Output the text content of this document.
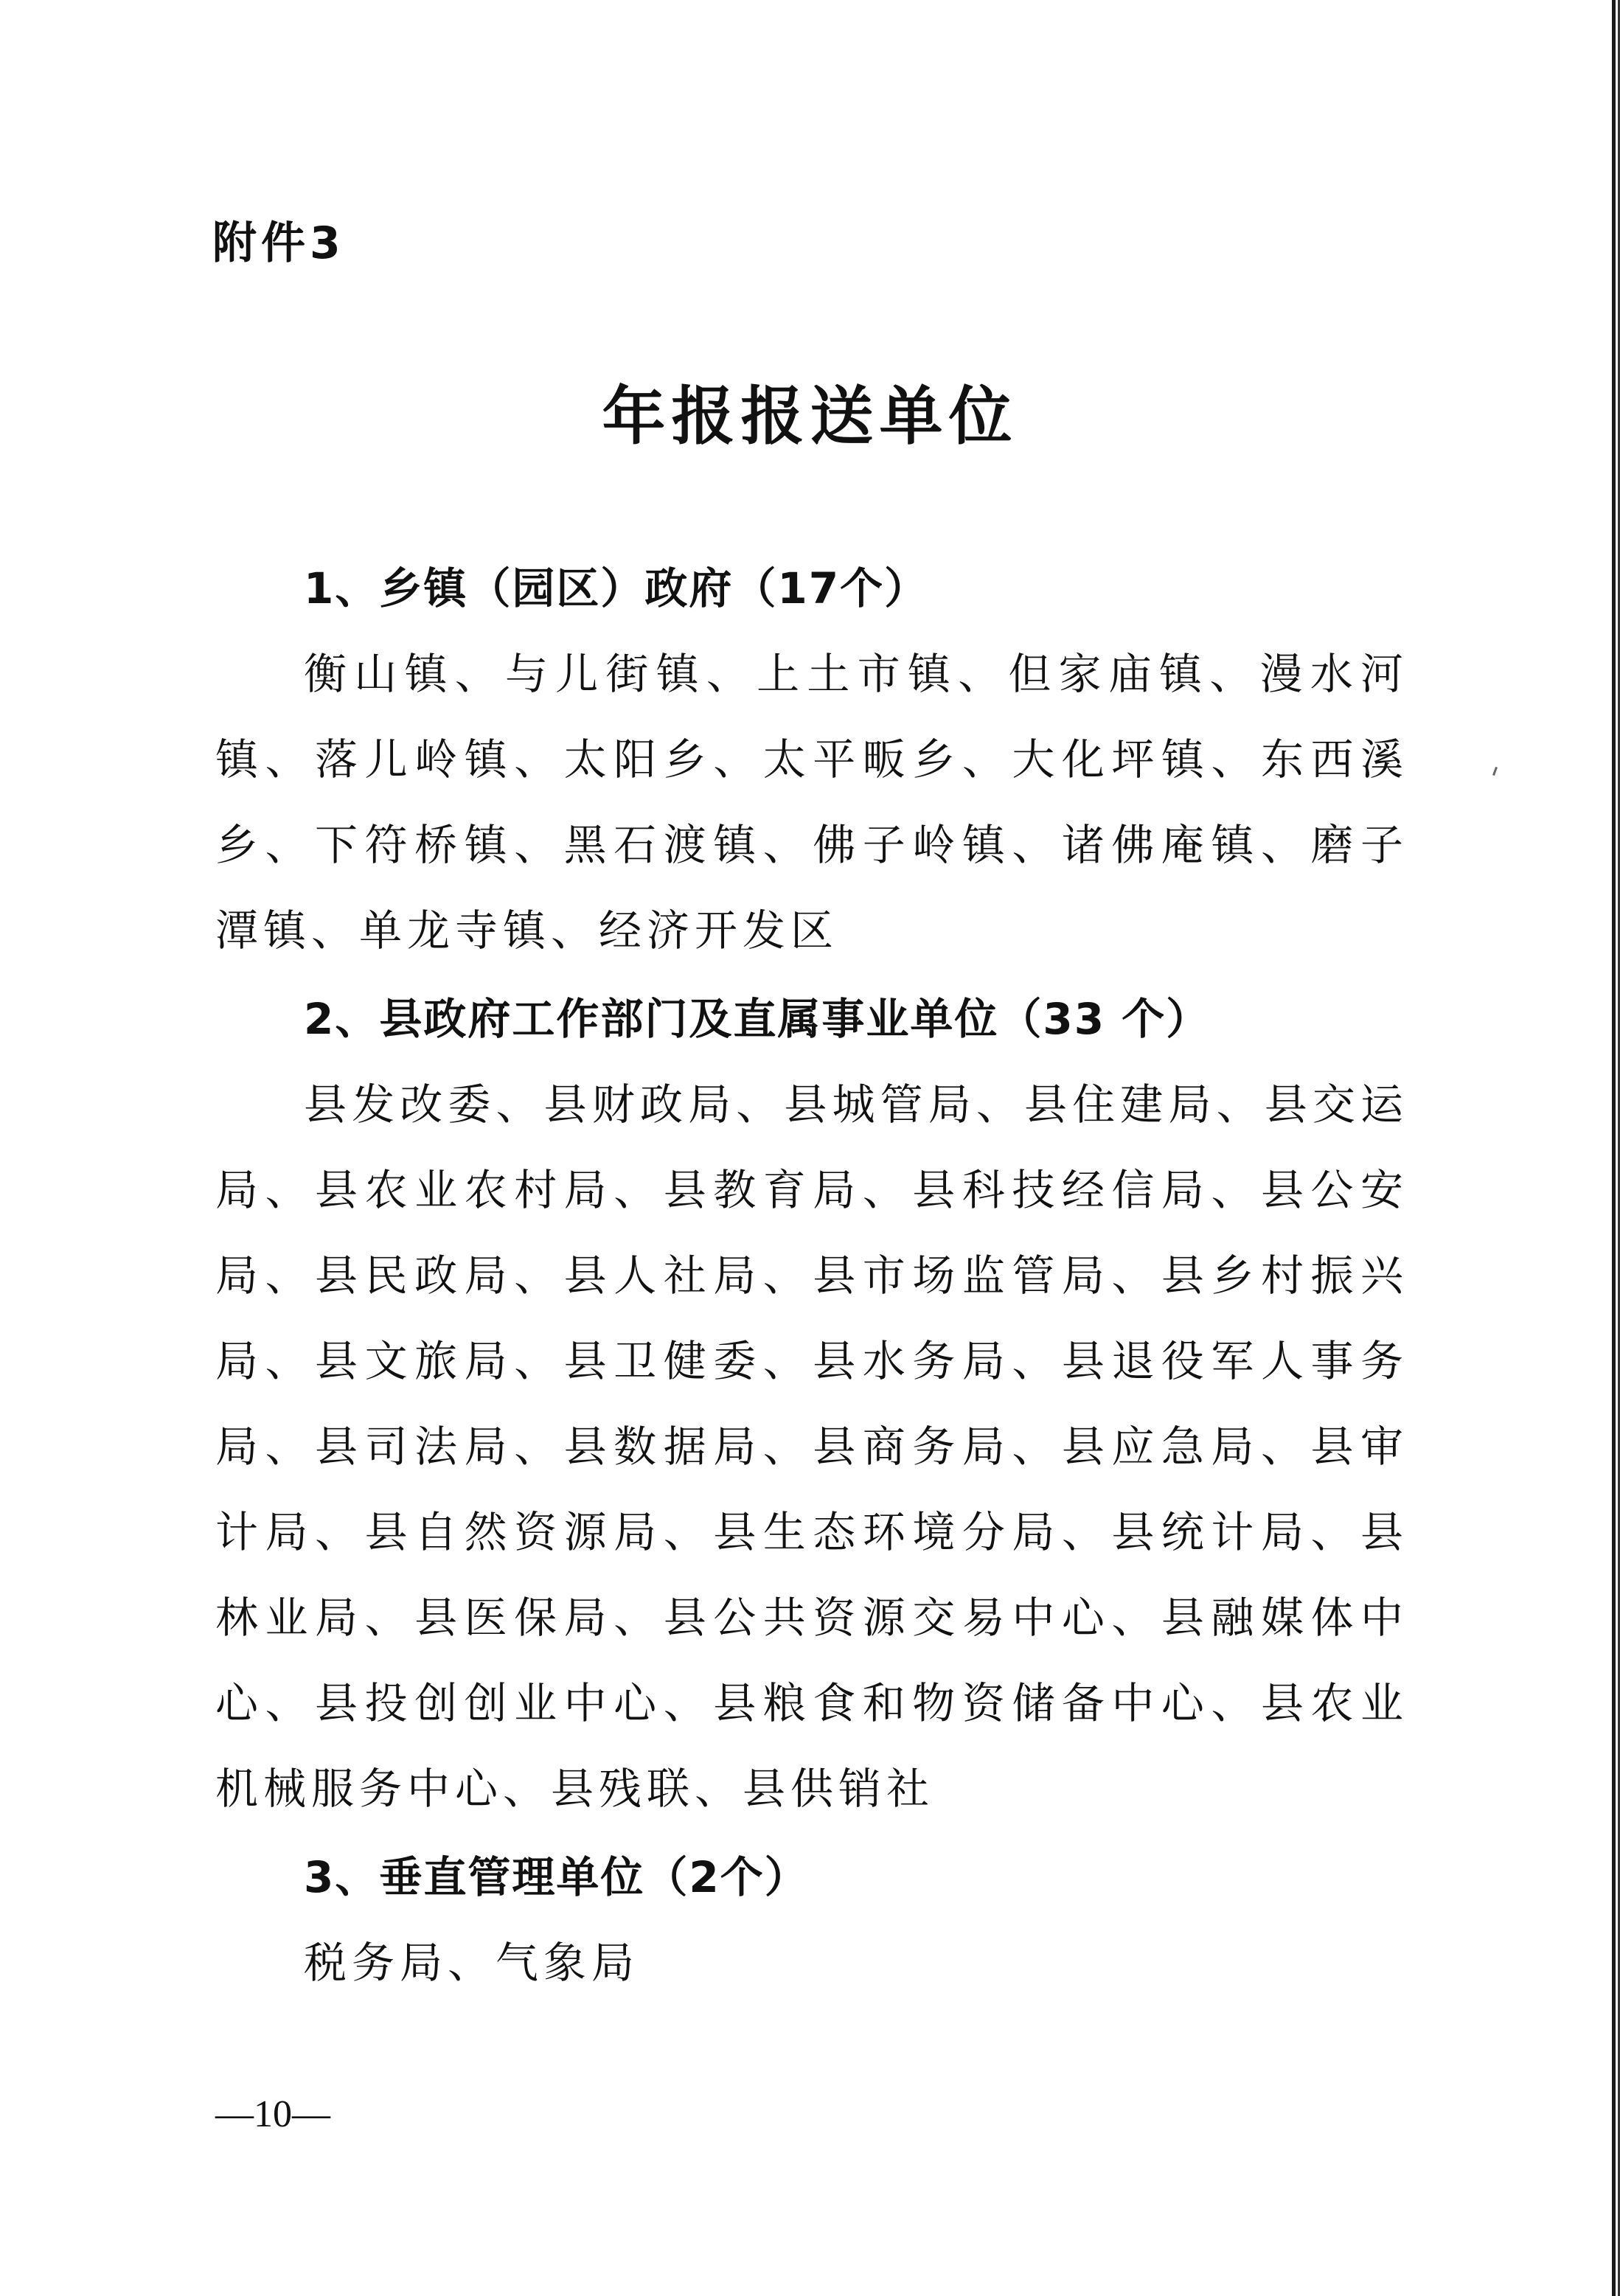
附件3
年报报送单位
1、乡镇（园区）政府（17个）
衡山镇、与儿街镇、上土市镇、但家庙镇、漫水河镇、落儿岭镇、太阳乡、太平畈乡、大化坪镇、东西溪乡、下符桥镇、黑石渡镇、佛子岭镇、诸佛庵镇、磨子潭镇、单龙寺镇、经济开发区
2、县政府工作部门及直属事业单位（33 个）
县发改委、县财政局、县城管局、县住建局、县交运局、县农业农村局、县教育局、县科技经信局、县公安局、县民政局、县人社局、县市场监管局、县乡村振兴局、县文旅局、县卫健委、县水务局、县退役军人事务局、县司法局、县数据局、县商务局、县应急局、县审计局、县自然资源局、县生态环境分局、县统计局、县林业局、县医保局、县公共资源交易中心、县融媒体中心、县投创创业中心、县粮食和物资储备中心、县农业机械服务中心、县残联、县供销社
3、垂直管理单位（2个）
税务局、气象局
—10—
